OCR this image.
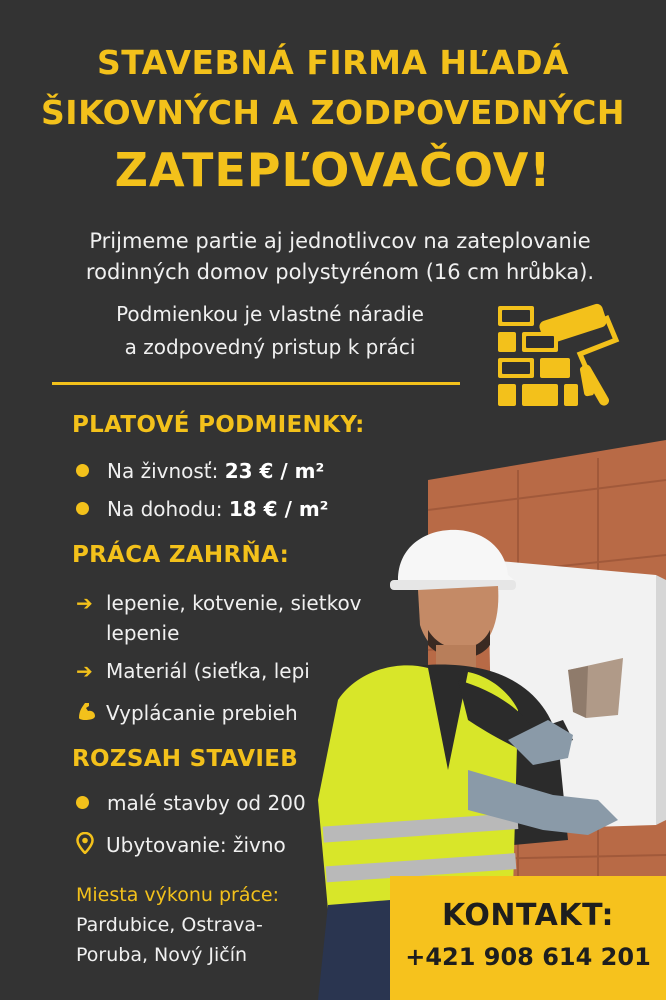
STAVEBNÁ FIRMA HĽADÁ
ŠIKOVNÝCH A ZODPOVEDNÝCH
ZATEPĽOVAČOV!
Prijmeme partie aj jednotlivcov na zateplovanie
rodinných domov polystyrénom (16 cm hrůbka).
Podmienkou je vlastné náradie
a zodpovedný pristup k práci
PLATOVÉ PODMIENKY:
Na živnosť: 23 € / m²
Na dohodu: 18 € / m²
PRÁCA ZAHRŇA:
➔ lepenie, kotvenie, sietkov
lepenie
➔ Materiál (sieťka, lepi
Vyplácanie prebieh
ROZSAH STAVIEB
malé stavby od 200
Ubytovanie: živno
Miesta výkonu práce:
Pardubice, Ostrava-
Poruba, Nový Jičín
KONTAKT:
+421 908 614 201
